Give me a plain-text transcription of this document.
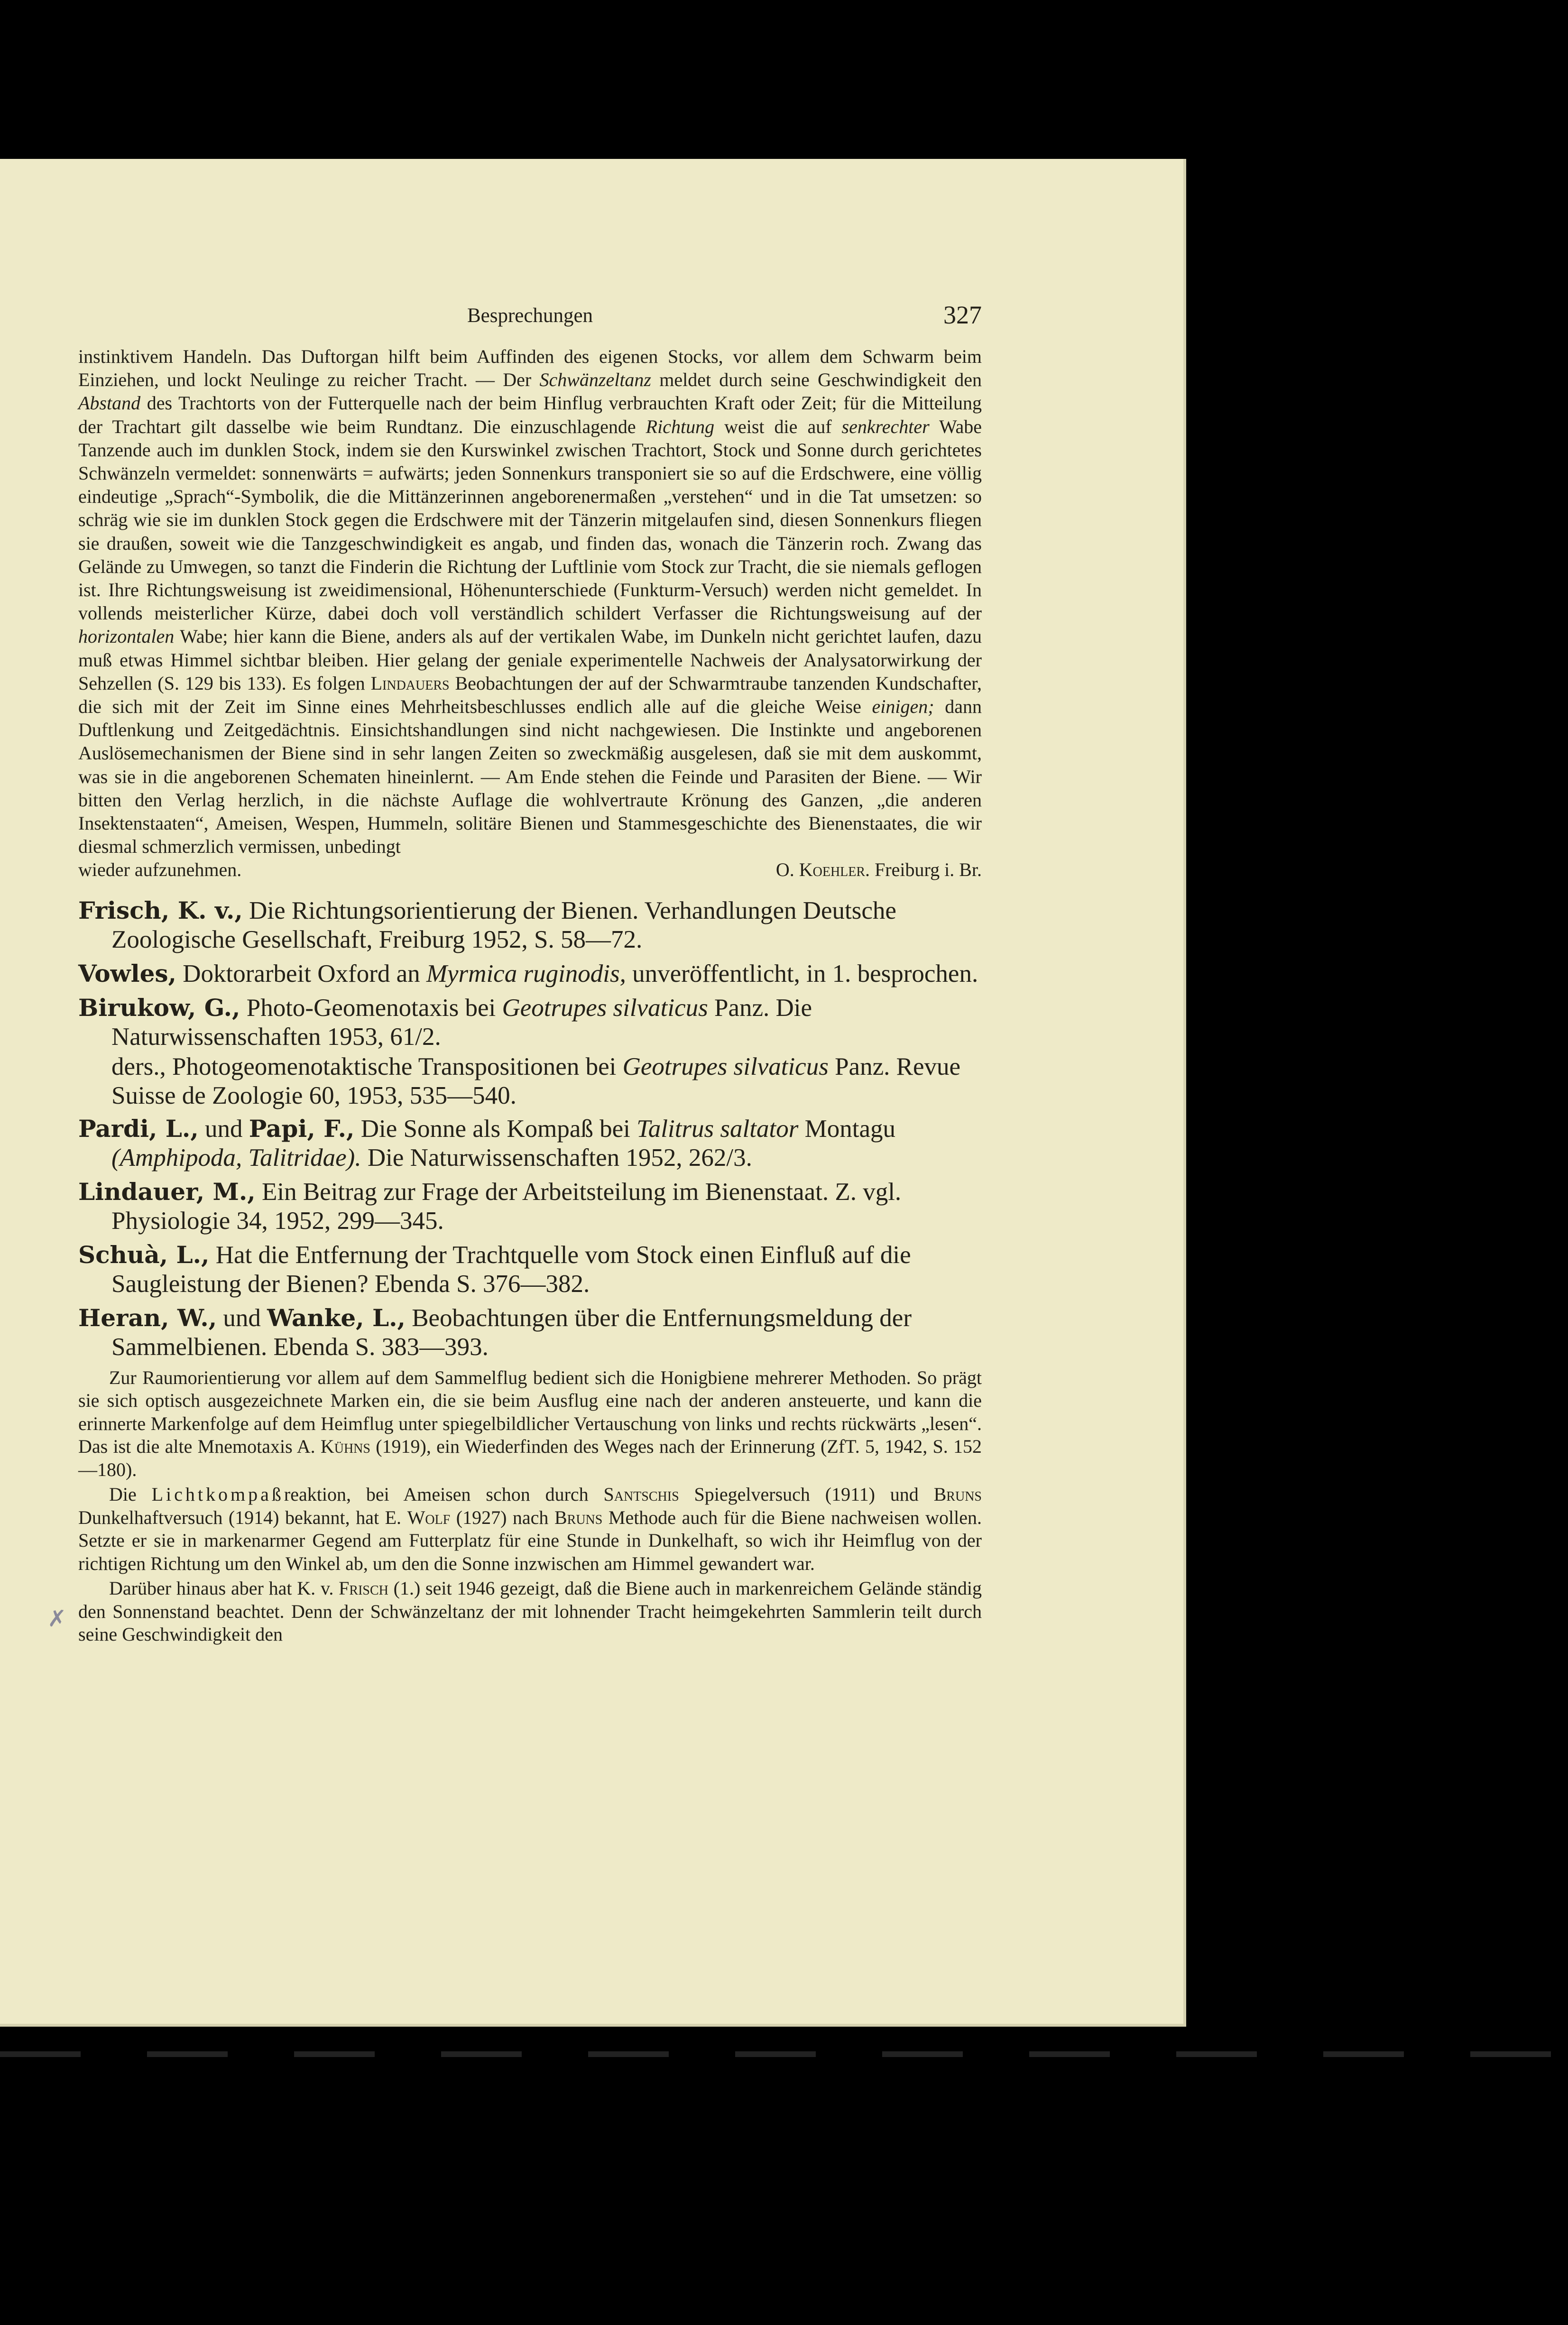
Besprechungen	327

instinktivem Handeln. Das Duftorgan hilft beim Auffinden des eigenen Stocks, vor allem dem Schwarm beim Einziehen, und lockt Neulinge zu reicher Tracht. — Der Schwänzeltanz meldet durch seine Geschwindigkeit den Abstand des Trachtorts von der Futterquelle nach der beim Hinflug verbrauchten Kraft oder Zeit; für die Mitteilung der Trachtart gilt dasselbe wie beim Rundtanz. Die einzuschlagende Richtung weist die auf senkrechter Wabe Tanzende auch im dunklen Stock, indem sie den Kurswinkel zwischen Trachtort, Stock und Sonne durch gerichtetes Schwänzeln vermeldet: sonnenwärts = aufwärts; jeden Sonnenkurs transponiert sie so auf die Erdschwere, eine völlig eindeutige „Sprach“-Symbolik, die die Mittänzerinnen angeborenermaßen „verstehen“ und in die Tat umsetzen: so schräg wie sie im dunklen Stock gegen die Erdschwere mit der Tänzerin mitgelaufen sind, diesen Sonnenkurs fliegen sie draußen, soweit wie die Tanzgeschwindigkeit es angab, und finden das, wonach die Tänzerin roch. Zwang das Gelände zu Umwegen, so tanzt die Finderin die Richtung der Luftlinie vom Stock zur Tracht, die sie niemals geflogen ist. Ihre Richtungsweisung ist zweidimensional, Höhenunterschiede (Funkturm-Versuch) werden nicht gemeldet. In vollends meisterlicher Kürze, dabei doch voll verständlich schildert Verfasser die Richtungsweisung auf der horizontalen Wabe; hier kann die Biene, anders als auf der vertikalen Wabe, im Dunkeln nicht gerichtet laufen, dazu muß etwas Himmel sichtbar bleiben. Hier gelang der geniale experimentelle Nachweis der Analysatorwirkung der Sehzellen (S. 129 bis 133). Es folgen Lindauers Beobachtungen der auf der Schwarmtraube tanzenden Kundschafter, die sich mit der Zeit im Sinne eines Mehrheitsbeschlusses endlich alle auf die gleiche Weise einigen; dann Duftlenkung und Zeitgedächtnis. Einsichtshandlungen sind nicht nachgewiesen. Die Instinkte und angeborenen Auslösemechanismen der Biene sind in sehr langen Zeiten so zweckmäßig ausgelesen, daß sie mit dem auskommt, was sie in die angeborenen Schematen hineinlernt. — Am Ende stehen die Feinde und Parasiten der Biene. — Wir bitten den Verlag herzlich, in die nächste Auflage die wohlvertraute Krönung des Ganzen, „die anderen Insektenstaaten“, Ameisen, Wespen, Hummeln, solitäre Bienen und Stammesgeschichte des Bienenstaates, die wir diesmal schmerzlich vermissen, unbedingt

wieder aufzunehmen.	O. Koehler. Freiburg i. Br.

Frisch, K. v., Die Richtungsorientierung der Bienen. Verhandlungen Deutsche Zoologische Gesellschaft, Freiburg 1952, S. 58—72.

Vowles, Doktorarbeit Oxford an Myrmica ruginodis, unveröffentlicht, in 1. besprochen.

Birukow, G., Photo-Geomenotaxis bei Geotrupes silvaticus Panz. Die Naturwissenschaften 1953, 61/2.

ders., Photogeomenotaktische Transpositionen bei Geotrupes silvaticus Panz. Revue Suisse de Zoologie 60, 1953, 535—540.

Pardi, L., und Papi, F., Die Sonne als Kompaß bei Talitrus saltator Montagu (Amphipoda, Talitridae). Die Naturwissenschaften 1952, 262/3.

Lindauer, M., Ein Beitrag zur Frage der Arbeitsteilung im Bienenstaat. Z. vgl. Physiologie 34, 1952, 299—345.

Schuà, L., Hat die Entfernung der Trachtquelle vom Stock einen Einfluß auf die Saugleistung der Bienen? Ebenda S. 376—382.

Heran, W., und Wanke, L., Beobachtungen über die Entfernungsmeldung der Sammelbienen. Ebenda S. 383—393.

Zur Raumorientierung vor allem auf dem Sammelflug bedient sich die Honigbiene mehrerer Methoden. So prägt sie sich optisch ausgezeichnete Marken ein, die sie beim Ausflug eine nach der anderen ansteuerte, und kann die erinnerte Markenfolge auf dem Heimflug unter spiegelbildlicher Vertauschung von links und rechts rückwärts „lesen“. Das ist die alte Mnemotaxis A. Kühns (1919), ein Wiederfinden des Weges nach der Erinnerung (ZfT. 5, 1942, S. 152—180).

Die Lichtkompaßreaktion, bei Ameisen schon durch Santschis Spiegelversuch (1911) und Bruns Dunkelhaftversuch (1914) bekannt, hat E. Wolf (1927) nach Bruns Methode auch für die Biene nachweisen wollen. Setzte er sie in markenarmer Gegend am Futterplatz für eine Stunde in Dunkelhaft, so wich ihr Heimflug von der richtigen Richtung um den Winkel ab, um den die Sonne inzwischen am Himmel gewandert war.

Darüber hinaus aber hat K. v. Frisch (1.) seit 1946 gezeigt, daß die Biene auch in markenreichem Gelände ständig den Sonnenstand beachtet. Denn der Schwänzeltanz der mit lohnender Tracht heimgekehrten Sammlerin teilt durch seine Geschwindigkeit den

✗
